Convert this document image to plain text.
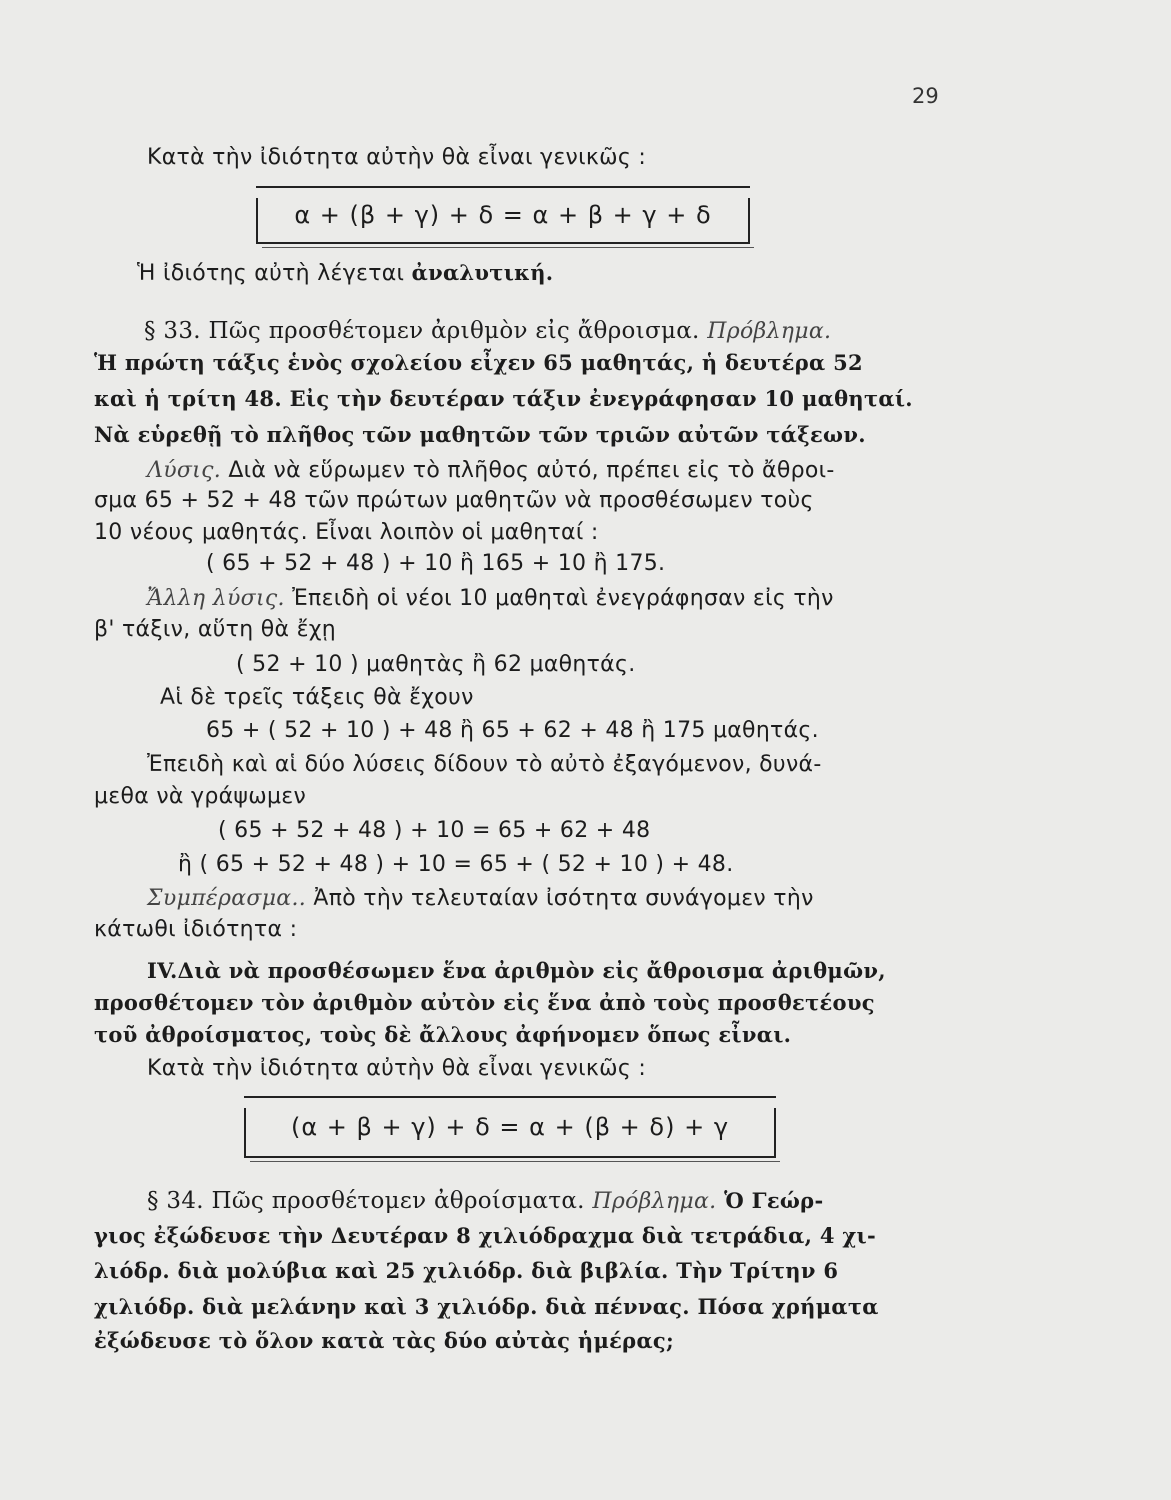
29
Κατὰ τὴν ἰδιότητα αὐτὴν θὰ εἶναι γενικῶς :
α + (β + γ) + δ = α + β + γ + δ
Ἡ ἰδιότης αὐτὴ λέγεται ἀναλυτική.
§ 33. Πῶς προσθέτομεν ἀριθμὸν εἰς ἄθροισμα. Πρόβλημα.
Ἡ πρώτη τάξις ἑνὸς σχολείου εἶχεν 65 μαθητάς, ἡ δευτέρα 52
καὶ ἡ τρίτη 48. Εἰς τὴν δευτέραν τάξιν ἐνεγράφησαν 10 μαθηταί.
Νὰ εὑρεθῇ τὸ πλῆθος τῶν μαθητῶν τῶν τριῶν αὐτῶν τάξεων.
Λύσις. Διὰ νὰ εὕρωμεν τὸ πλῆθος αὐτό, πρέπει εἰς τὸ ἄθροι-
σμα 65 + 52 + 48 τῶν πρώτων μαθητῶν νὰ προσθέσωμεν τοὺς
10 νέους μαθητάς. Εἶναι λοιπὸν οἱ μαθηταί :
( 65 + 52 + 48 ) + 10 ἢ 165 + 10 ἢ 175.
Ἄλλη λύσις. Ἐπειδὴ οἱ νέοι 10 μαθηταὶ ἐνεγράφησαν εἰς τὴν
β' τάξιν, αὕτη θὰ ἔχῃ
( 52 + 10 ) μαθητὰς ἢ 62 μαθητάς.
Αἱ δὲ τρεῖς τάξεις θὰ ἔχουν
65 + ( 52 + 10 ) + 48 ἢ 65 + 62 + 48 ἢ 175 μαθητάς.
Ἐπειδὴ καὶ αἱ δύο λύσεις δίδουν τὸ αὐτὸ ἐξαγόμενον, δυνά-
μεθα νὰ γράψωμεν
( 65 + 52 + 48 ) + 10 = 65 + 62 + 48
ἢ ( 65 + 52 + 48 ) + 10 = 65 + ( 52 + 10 ) + 48.
Συμπέρασμα.. Ἀπὸ τὴν τελευταίαν ἰσότητα συνάγομεν τὴν
κάτωθι ἰδιότητα :
IV.Διὰ νὰ προσθέσωμεν ἕνα ἀριθμὸν εἰς ἄθροισμα ἀριθμῶν,
προσθέτομεν τὸν ἀριθμὸν αὐτὸν εἰς ἕνα ἀπὸ τοὺς προσθετέους
τοῦ ἀθροίσματος, τοὺς δὲ ἄλλους ἀφήνομεν ὅπως εἶναι.
Κατὰ τὴν ἰδιότητα αὐτὴν θὰ εἶναι γενικῶς :
(α + β + γ) + δ = α + (β + δ) + γ
§ 34. Πῶς προσθέτομεν ἀθροίσματα. Πρόβλημα. Ὁ Γεώρ-
γιος ἐξώδευσε τὴν Δευτέραν 8 χιλιόδραχμα διὰ τετράδια, 4 χι-
λιόδρ. διὰ μολύβια καὶ 25 χιλιόδρ. διὰ βιβλία. Τὴν Τρίτην 6
χιλιόδρ. διὰ μελάνην καὶ 3 χιλιόδρ. διὰ πέννας. Πόσα χρήματα
ἐξώδευσε τὸ ὅλον κατὰ τὰς δύο αὐτὰς ἡμέρας;
